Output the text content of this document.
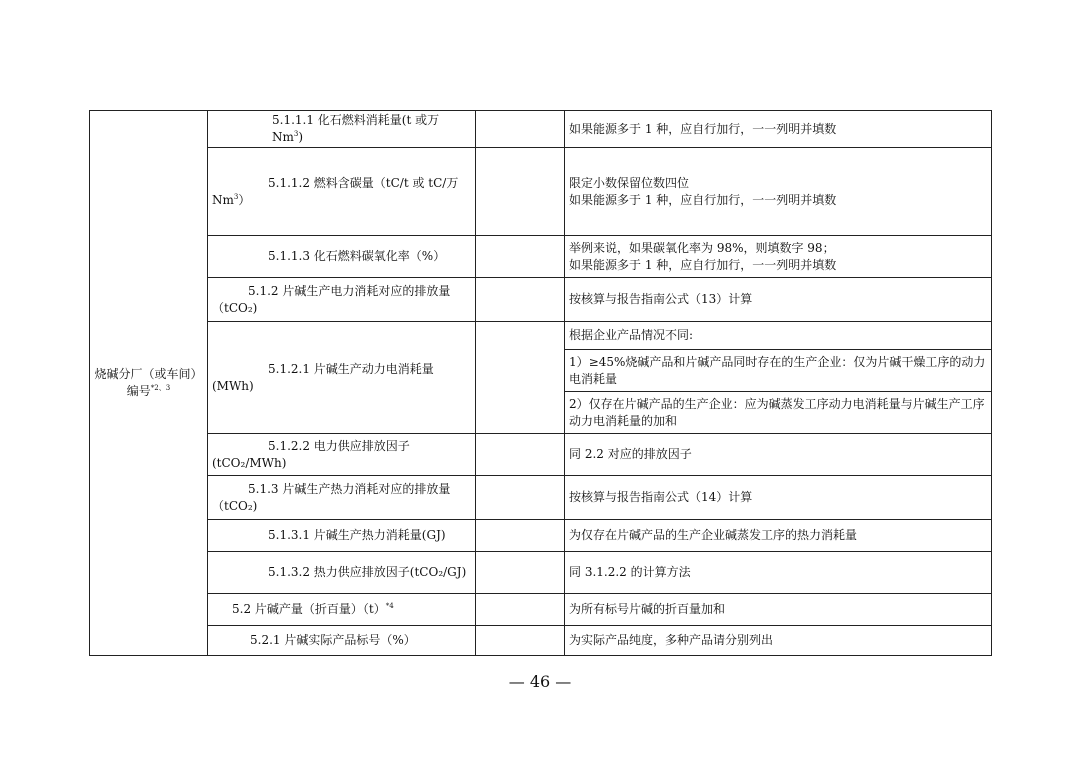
烧碱分厂（或车间）编号$^{*2、3}$	5.1.1.1 化石燃料消耗量(t 或万 Nm$^3$)		如果能源多于 1 种，应自行加行，一一列明并填数
	5.1.1.2 燃料含碳量（tC/t 或 tC/万 Nm$^3$）		限定小数保留位数四位
如果能源多于 1 种，应自行加行，一一列明并填数

	5.1.1.3 化石燃料碳氧化率（%）		举例来说，如果碳氧化率为 98%，则填数字 98；
如果能源多于 1 种，应自行加行，一一列明并填数

	5.1.2 片碱生产电力消耗对应的排放量（tCO₂)		按核算与报告指南公式（13）计算
	5.1.2.1 片碱生产动力电消耗量(MWh)		根据企业产品情况不同:
			1）≥45%烧碱产品和片碱产品同时存在的生产企业：仅为片碱干燥工序的动力电消耗量
			2）仅存在片碱产品的生产企业：应为碱蒸发工序动力电消耗量与片碱生产工序动力电消耗量的加和
	5.1.2.2 电力供应排放因子(tCO₂/MWh)		同 2.2 对应的排放因子
	5.1.3 片碱生产热力消耗对应的排放量（tCO₂)		按核算与报告指南公式（14）计算

	5.1.3.1 片碱生产热力消耗量(GJ)		为仅存在片碱产品的生产企业碱蒸发工序的热力消耗量
	5.1.3.2 热力供应排放因子(tCO₂/GJ)		同 3.1.2.2 的计算方法
	5.2 片碱产量（折百量）$(t)^{*4}$		为所有标号片碱的折百量加和
	5.2.1 片碱实际产品标号（%）		为实际产品纯度，多种产品请分别列出
— 46 —
